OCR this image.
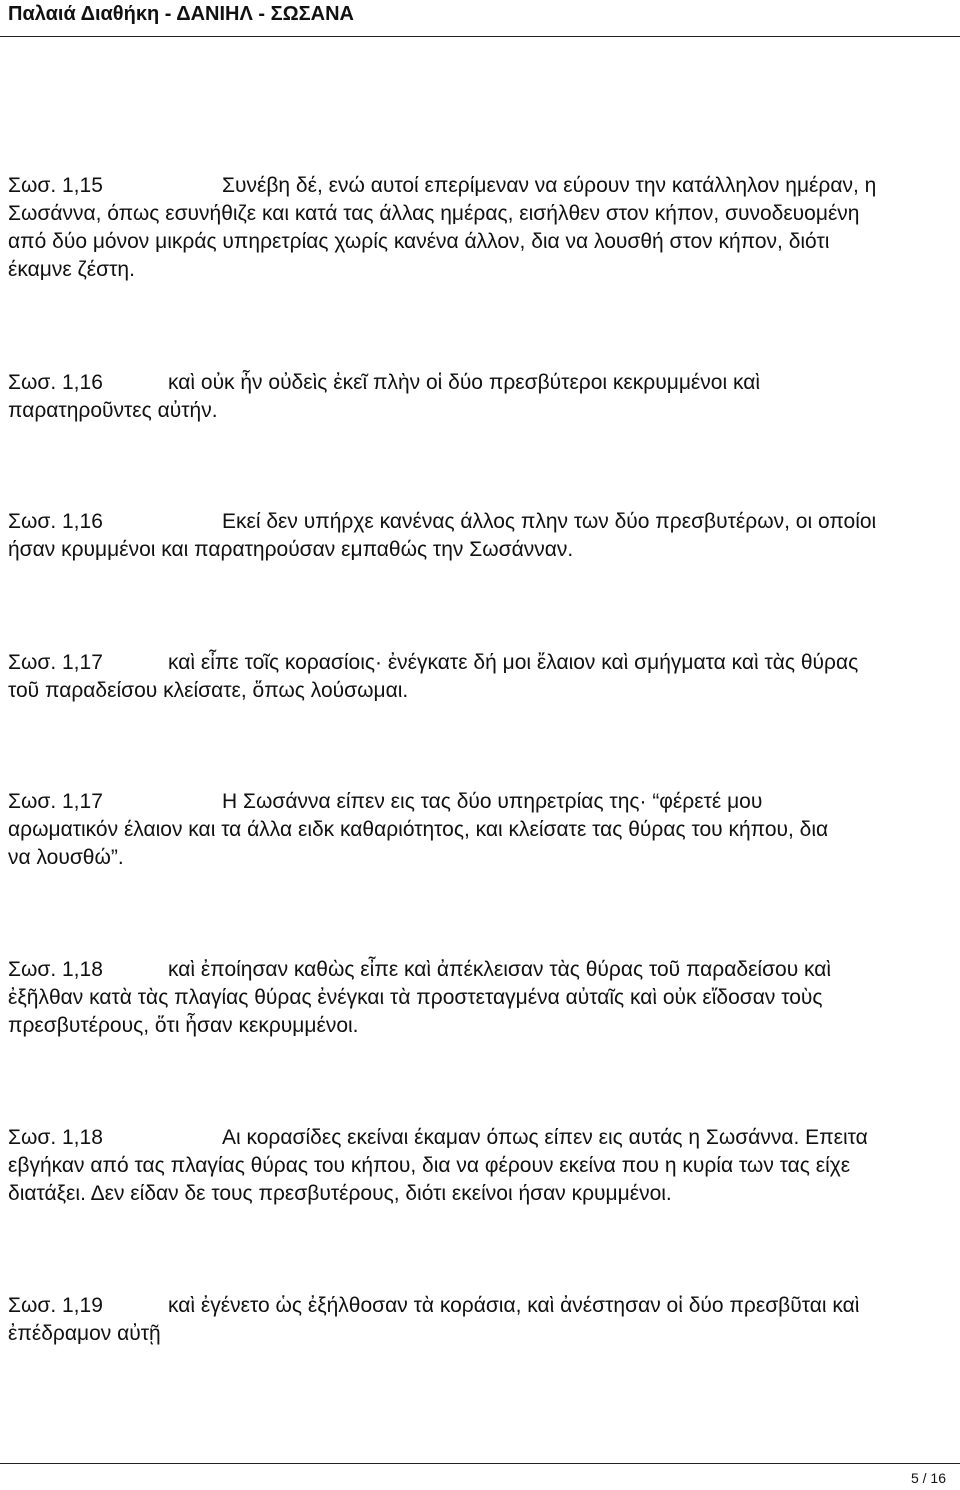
Παλαιά Διαθήκη - ΔΑΝΙΗΛ - ΣΩΣΑΝΑ
Σωσ. 1,15	Συνέβη δέ, ενώ αυτοί επερίμεναν να εύρουν την κατάλληλον ημέραν, η
Σωσάννα, όπως εσυνήθιζε και κατά τας άλλας ημέρας, εισήλθεν στον κήπον, συνοδευομένη
από δύο μόνον μικράς υπηρετρίας χωρίς κανένα άλλον, δια να λουσθή στον κήπον, διότι
έκαμνε ζέστη.
Σωσ. 1,16	καὶ οὐκ ἦν οὐδεὶς ἐκεῖ πλὴν οἱ δύο πρεσβύτεροι κεκρυμμένοι καὶ
παρατηροῦντες αὐτήν.
Σωσ. 1,16	Εκεί δεν υπήρχε κανένας άλλος πλην των δύο πρεσβυτέρων, οι οποίοι
ήσαν κρυμμένοι και παρατηρούσαν εμπαθώς την Σωσάνναν.
Σωσ. 1,17	καὶ εἶπε τοῖς κορασίοις· ἐνέγκατε δή μοι ἔλαιον καὶ σμήγματα καὶ τὰς θύρας
τοῦ παραδείσου κλείσατε, ὅπως λούσωμαι.
Σωσ. 1,17	Η Σωσάννα είπεν εις τας δύο υπηρετρίας της· “φέρετέ μου
αρωματικόν έλαιον και τα άλλα ειδκ καθαριότητος, και κλείσατε τας θύρας του κήπου, δια
να λουσθώ”.
Σωσ. 1,18	καὶ ἐποίησαν καθὼς εἶπε καὶ ἀπέκλεισαν τὰς θύρας τοῦ παραδείσου καὶ
ἐξῆλθαν κατὰ τὰς πλαγίας θύρας ἐνέγκαι τὰ προστεταγμένα αὐταῖς καὶ οὐκ εἴδοσαν τοὺς
πρεσβυτέρους, ὅτι ἦσαν κεκρυμμένοι.
Σωσ. 1,18	Αι κορασίδες εκείναι έκαμαν όπως είπεν εις αυτάς η Σωσάννα. Επειτα
εβγήκαν από τας πλαγίας θύρας του κήπου, δια να φέρουν εκείνα που η κυρία των τας είχε
διατάξει. Δεν είδαν δε τους πρεσβυτέρους, διότι εκείνοι ήσαν κρυμμένοι.
Σωσ. 1,19	καὶ ἐγένετο ὡς ἐξήλθοσαν τὰ κοράσια, καὶ ἀνέστησαν οἱ δύο πρεσβῦται καὶ
ἐπέδραμον αὐτῇ
5 / 16
